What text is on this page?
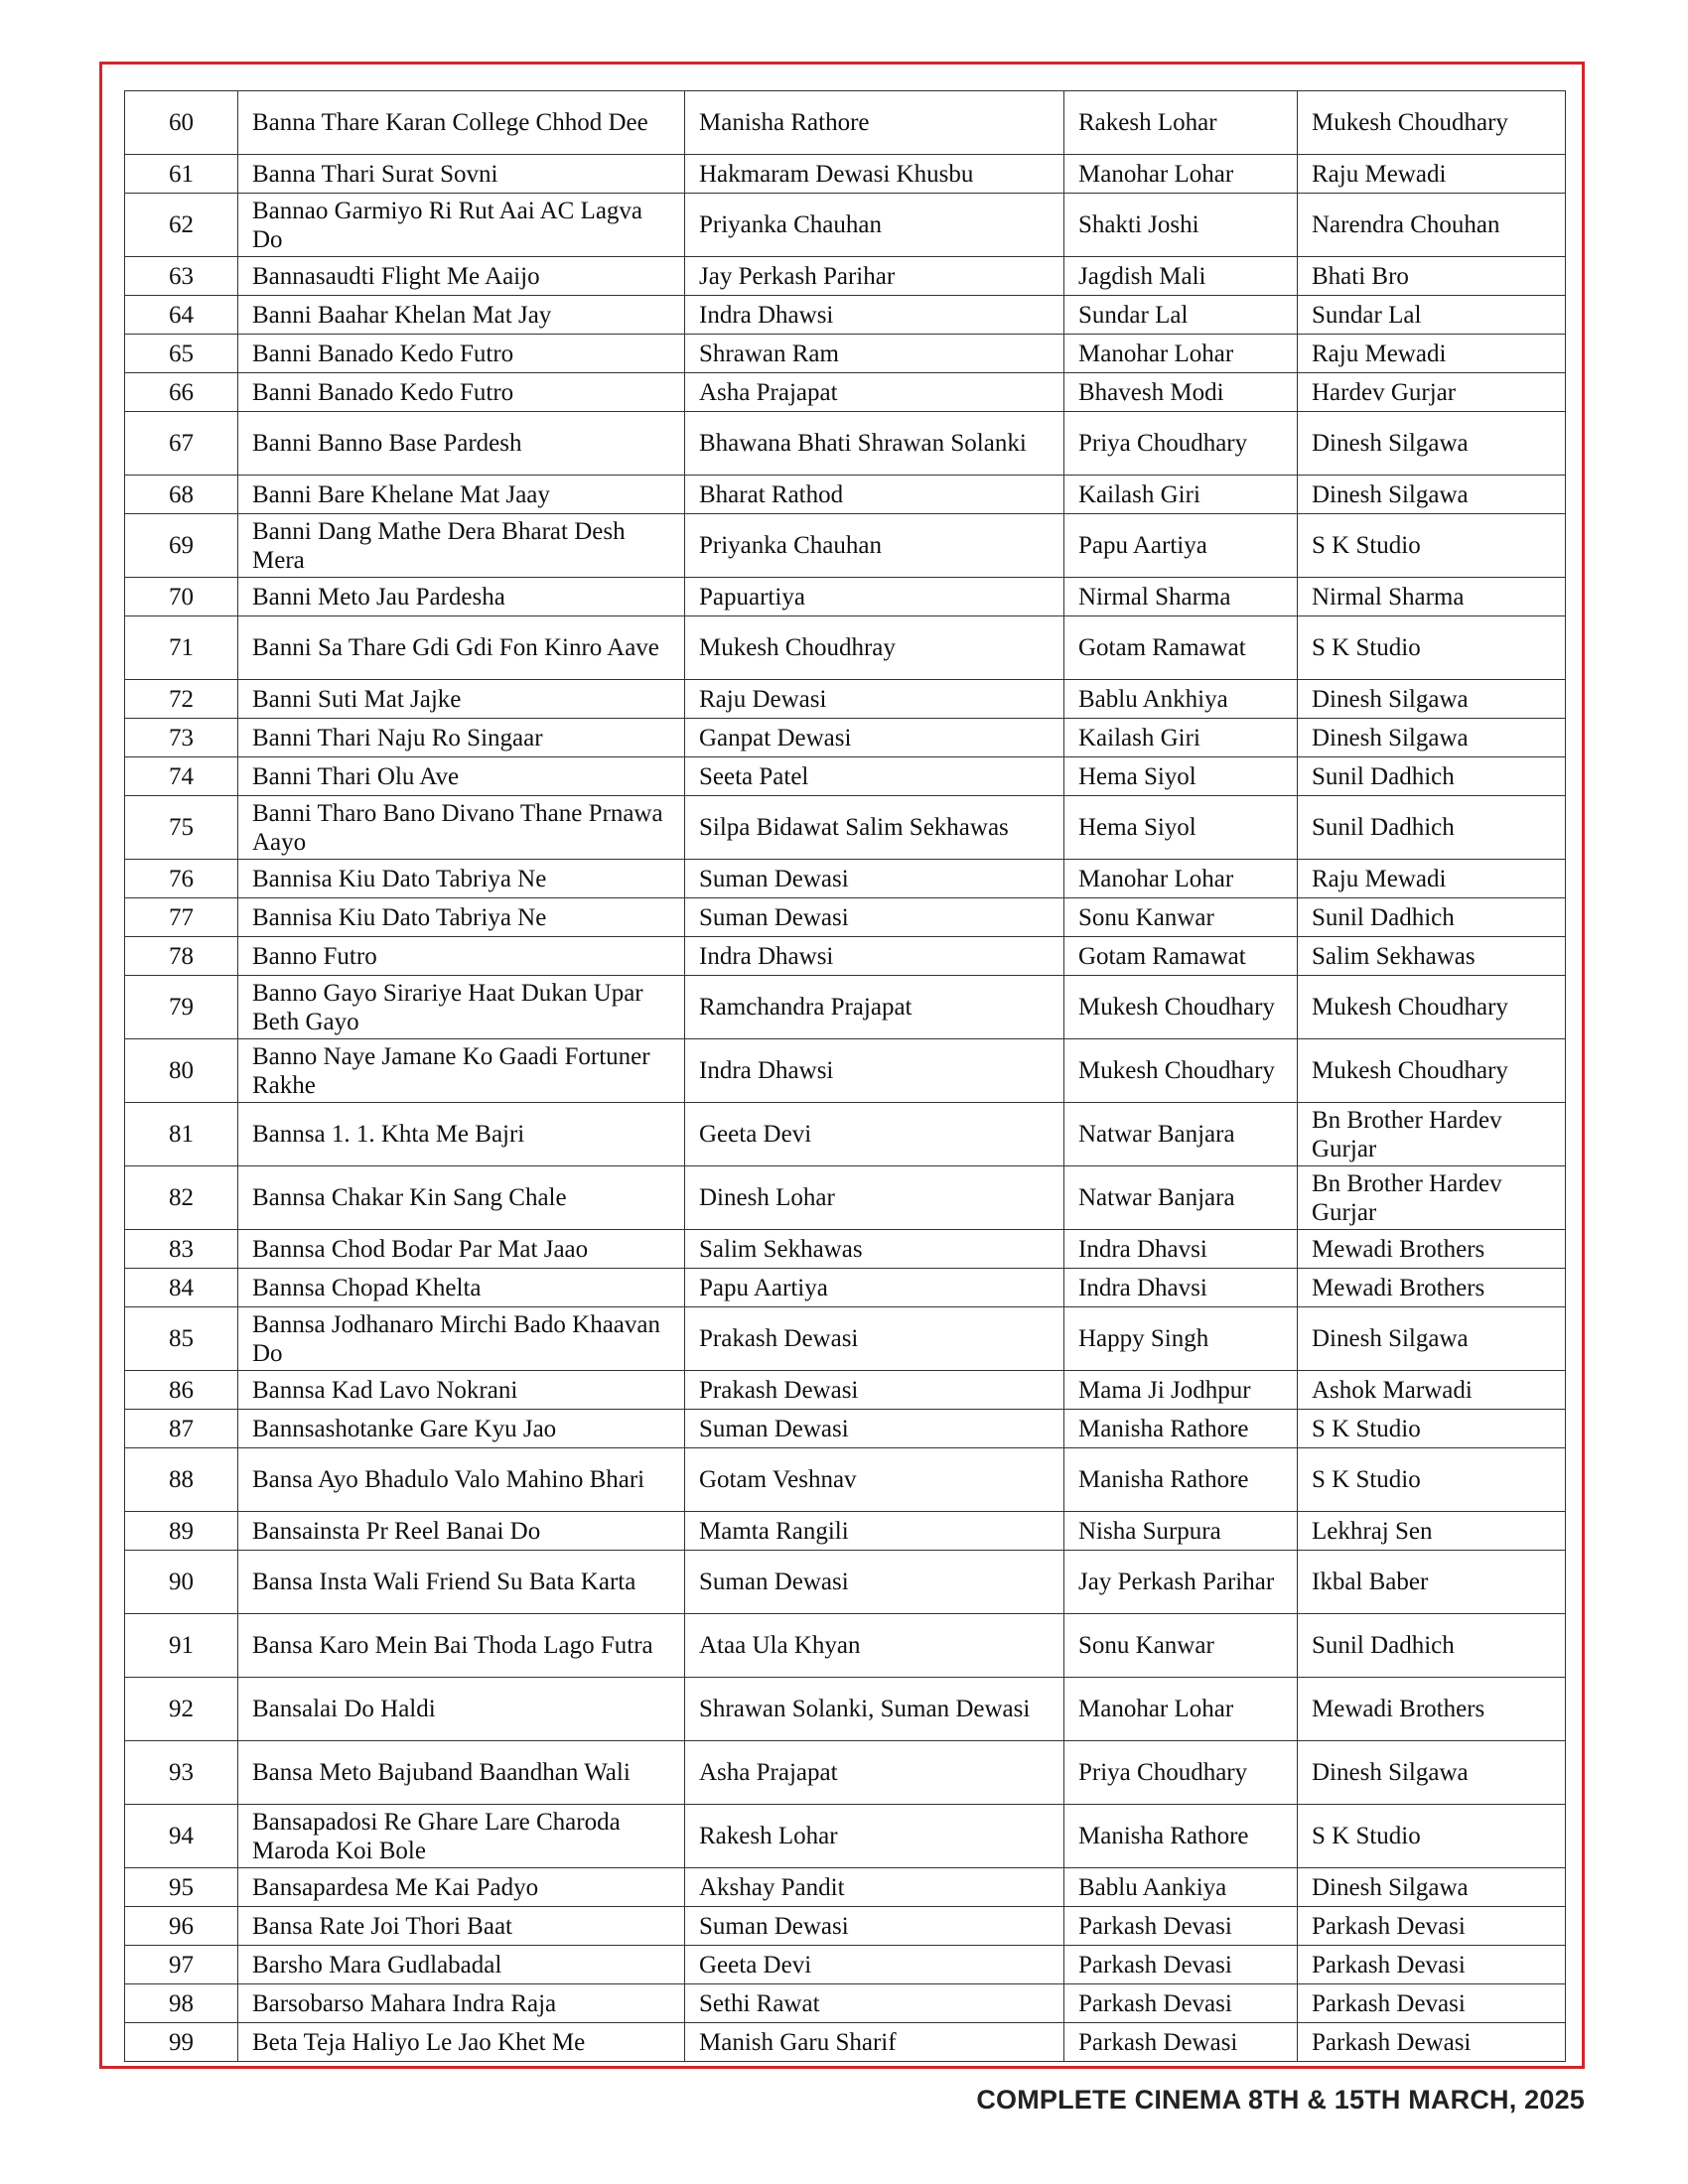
60	Banna Thare Karan College Chhod Dee	Manisha Rathore	Rakesh Lohar	Mukesh Choudhary
61	Banna Thari Surat Sovni	Hakmaram Dewasi Khusbu	Manohar Lohar	Raju Mewadi
62	Bannao Garmiyo Ri Rut Aai AC Lagva Do	Priyanka Chauhan	Shakti Joshi	Narendra Chouhan
63	Bannasaudti Flight Me Aaijo	Jay Perkash Parihar	Jagdish Mali	Bhati Bro
64	Banni Baahar Khelan Mat Jay	Indra Dhawsi	Sundar Lal	Sundar Lal
65	Banni Banado Kedo Futro	Shrawan Ram	Manohar Lohar	Raju Mewadi
66	Banni Banado Kedo Futro	Asha Prajapat	Bhavesh Modi	Hardev Gurjar
67	Banni Banno Base Pardesh	Bhawana Bhati Shrawan Solanki	Priya Choudhary	Dinesh Silgawa
68	Banni Bare Khelane Mat Jaay	Bharat Rathod	Kailash Giri	Dinesh Silgawa
69	Banni Dang Mathe Dera Bharat Desh Mera	Priyanka Chauhan	Papu Aartiya	S K Studio
70	Banni Meto Jau Pardesha	Papuartiya	Nirmal Sharma	Nirmal Sharma
71	Banni Sa Thare Gdi Gdi Fon Kinro Aave	Mukesh Choudhray	Gotam Ramawat	S K Studio
72	Banni Suti Mat Jajke	Raju Dewasi	Bablu Ankhiya	Dinesh Silgawa
73	Banni Thari Naju Ro Singaar	Ganpat Dewasi	Kailash Giri	Dinesh Silgawa
74	Banni Thari Olu Ave	Seeta Patel	Hema Siyol	Sunil Dadhich
75	Banni Tharo Bano Divano Thane Prnawa Aayo	Silpa Bidawat Salim Sekhawas	Hema Siyol	Sunil Dadhich
76	Bannisa Kiu Dato Tabriya Ne	Suman Dewasi	Manohar Lohar	Raju Mewadi
77	Bannisa Kiu Dato Tabriya Ne	Suman Dewasi	Sonu Kanwar	Sunil Dadhich
78	Banno Futro	Indra Dhawsi	Gotam Ramawat	Salim Sekhawas
79	Banno Gayo Sirariye Haat Dukan Upar Beth Gayo	Ramchandra Prajapat	Mukesh Choudhary	Mukesh Choudhary
80	Banno Naye Jamane Ko Gaadi Fortuner Rakhe	Indra Dhawsi	Mukesh Choudhary	Mukesh Choudhary
81	Bannsa 1. 1. Khta Me Bajri	Geeta Devi	Natwar Banjara	Bn Brother Hardev Gurjar
82	Bannsa Chakar Kin Sang Chale	Dinesh Lohar	Natwar Banjara	Bn Brother Hardev Gurjar
83	Bannsa Chod Bodar Par Mat Jaao	Salim Sekhawas	Indra Dhavsi	Mewadi Brothers
84	Bannsa Chopad Khelta	Papu Aartiya	Indra Dhavsi	Mewadi Brothers
85	Bannsa Jodhanaro Mirchi Bado Khaavan Do	Prakash Dewasi	Happy Singh	Dinesh Silgawa
86	Bannsa Kad Lavo Nokrani	Prakash Dewasi	Mama Ji Jodhpur	Ashok Marwadi
87	Bannsashotanke Gare Kyu Jao	Suman Dewasi	Manisha Rathore	S K Studio
88	Bansa Ayo Bhadulo Valo Mahino Bhari	Gotam Veshnav	Manisha Rathore	S K Studio
89	Bansainsta Pr Reel Banai Do	Mamta Rangili	Nisha Surpura	Lekhraj Sen
90	Bansa Insta Wali Friend Su Bata Karta	Suman Dewasi	Jay Perkash Parihar	Ikbal Baber
91	Bansa Karo Mein Bai Thoda Lago Futra	Ataa Ula Khyan	Sonu Kanwar	Sunil Dadhich
92	Bansalai Do Haldi	Shrawan Solanki, Suman Dewasi	Manohar Lohar	Mewadi Brothers
93	Bansa Meto Bajuband Baandhan Wali	Asha Prajapat	Priya Choudhary	Dinesh Silgawa
94	Bansapadosi Re Ghare Lare Charoda Maroda Koi Bole	Rakesh Lohar	Manisha Rathore	S K Studio
95	Bansapardesa Me Kai Padyo	Akshay Pandit	Bablu Aankiya	Dinesh Silgawa
96	Bansa Rate Joi Thori Baat	Suman Dewasi	Parkash Devasi	Parkash Devasi
97	Barsho Mara Gudlabadal	Geeta Devi	Parkash Devasi	Parkash Devasi
98	Barsobarso Mahara Indra Raja	Sethi Rawat	Parkash Devasi	Parkash Devasi
99	Beta Teja Haliyo Le Jao Khet Me	Manish Garu Sharif	Parkash Dewasi	Parkash Dewasi
COMPLETE CINEMA 8TH & 15TH MARCH, 2025
